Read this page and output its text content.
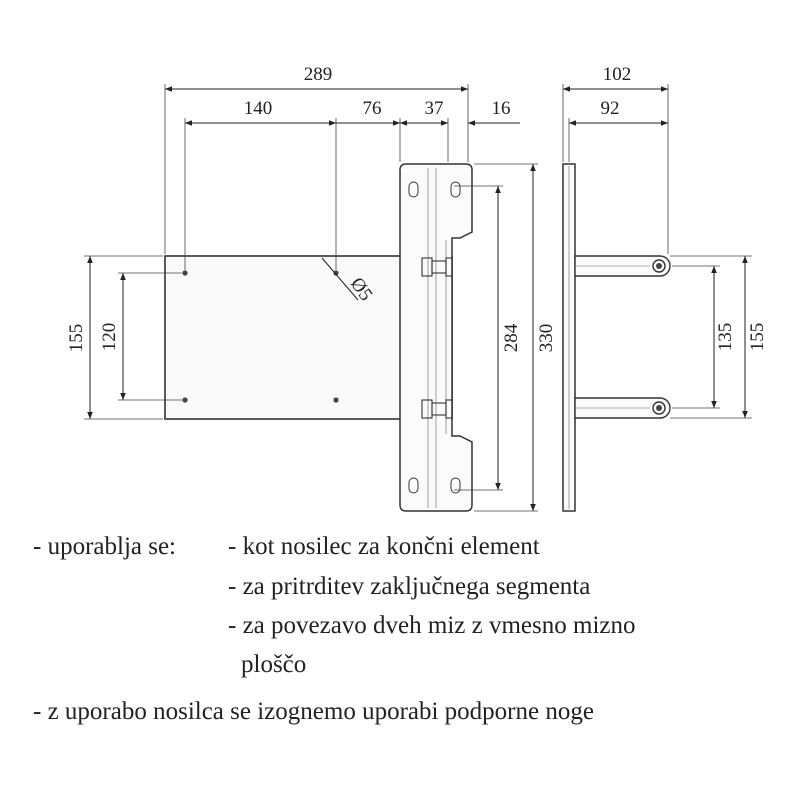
289
140	76 37	16
Ø5
155 120	284 330
102
92
135 155
- uporablja se: - kot nosilec za končni element
- za pritrditev zaključnega segmenta
- za povezavo dveh miz z vmesno mizno
ploščo
- z uporabo nosilca se izognemo uporabi podporne noge
